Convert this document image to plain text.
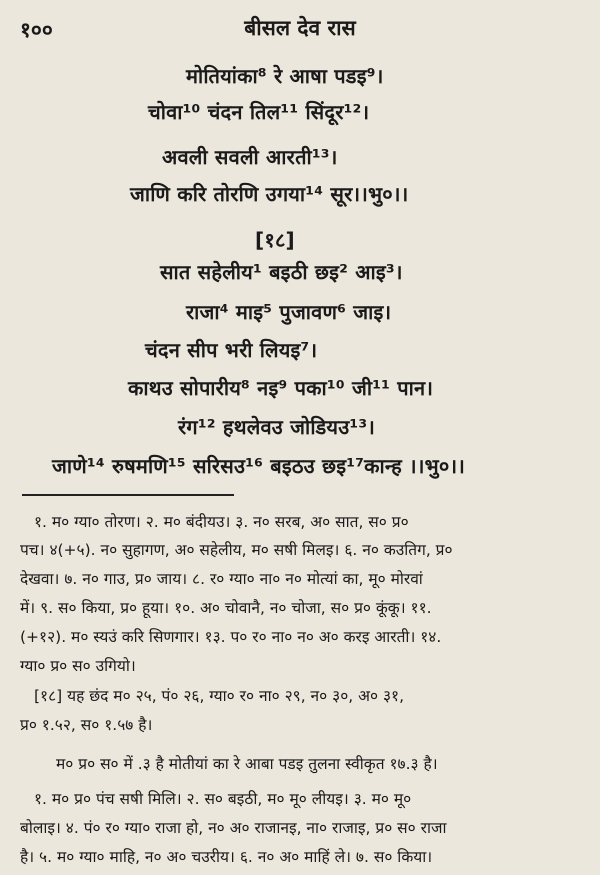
१००	बीसल देव रास
मोतियांका⁸ रे आषा पडइ⁹।
चोवा¹⁰ चंदन तिल¹¹ सिंदूर¹²।
अवली सवली आरती¹³।
जाणि करि तोरणि उगया¹⁴ सूर।।भु०।।
[१८]
सात सहेलीय¹ बइठी छइ² आइ³।
राजा⁴ माइ⁵ पुजावण⁶ जाइ।
चंदन सीप भरी लियइ⁷।
काथउ सोपारीय⁸ नइ⁹ पका¹⁰ जी¹¹ पान।
रंग¹² हथलेवउ जोडियउ¹³।
जाणे¹⁴ रुषमणि¹⁵ सरिसउ¹⁶ बइठउ छइ¹⁷कान्ह ।।भु०।।
१. म० ग्या० तोरण। २. म० बंदीयउ। ३. न० सरब, अ० सात, स० प्र०
पच। ४(+५). न० सुहागण, अ० सहेलीय, म० सषी मिलइ। ६. न० कउतिग, प्र०
देखवा। ७. न० गाउ, प्र० जाय। ८. र० ग्या० ना० न० मोत्यां का, मू० मोरवां
में। ९. स० किया, प्र० हूया। १०. अ० चोवानै, न० चोजा, स० प्र० कूंकू। ११.
(+१२). म० स्यउं करि सिणगार। १३. प० र० ना० न० अ० करइ आरती। १४.
ग्या० प्र० स० उगियो।
[१८] यह छंद म० २५, पं० २६, ग्या० र० ना० २९, न० ३०, अ० ३१,
प्र० १.५२, स० १.५७ है।
म० प्र० स० में .३ है मोतीयां का रे आबा पडइ तुलना स्वीकृत १७.३ है।
१. म० प्र० पंच सषी मिलि। २. स० बइठी, म० मू० लीयइ। ३. म० मू०
बोलाइ। ४. पं० र० ग्या० राजा हो, न० अ० राजानइ, ना० राजाइ, प्र० स० राजा
है। ५. म० ग्या० माहि, न० अ० चउरीय। ६. न० अ० माहिं ले। ७. स० किया।
